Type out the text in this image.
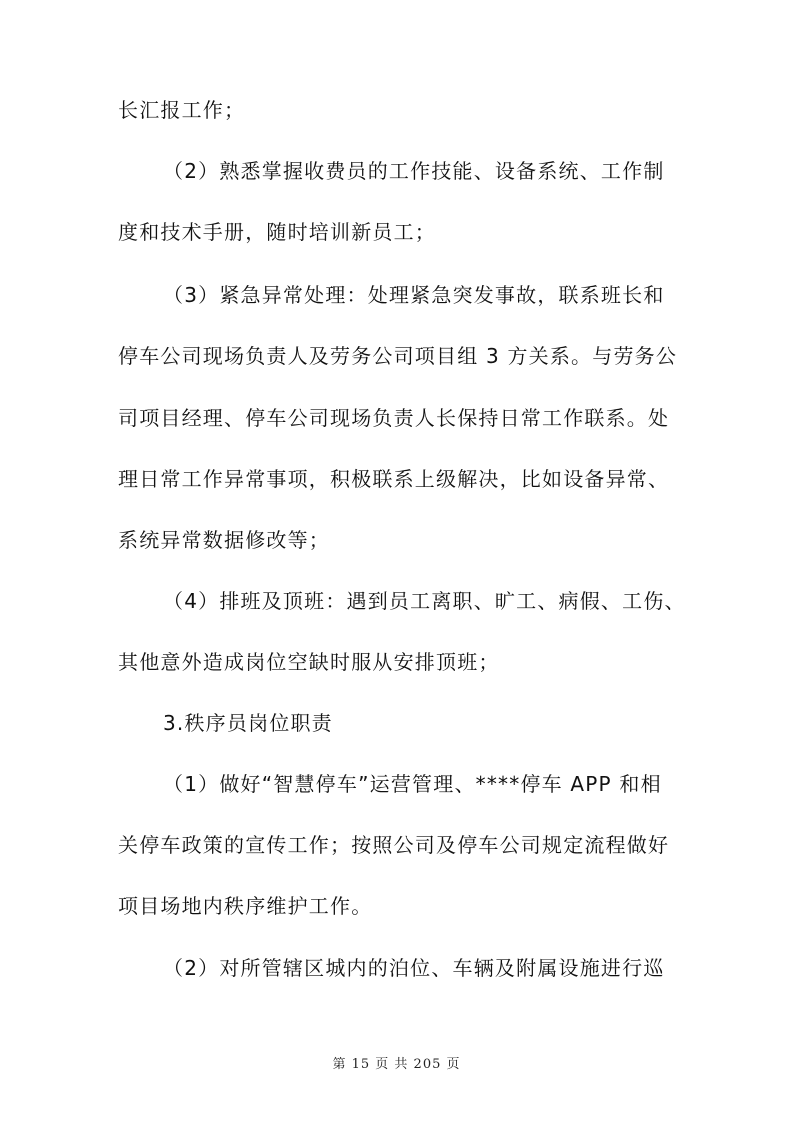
长汇报工作；
（2）熟悉掌握收费员的工作技能、设备系统、工作制
度和技术手册，随时培训新员工；
（3）紧急异常处理：处理紧急突发事故，联系班长和
停车公司现场负责人及劳务公司项目组 3 方关系。与劳务公
司项目经理、停车公司现场负责人长保持日常工作联系。处
理日常工作异常事项，积极联系上级解决，比如设备异常、
系统异常数据修改等；
（4）排班及顶班：遇到员工离职、旷工、病假、工伤、
其他意外造成岗位空缺时服从安排顶班；
3.秩序员岗位职责
（1）做好“智慧停车”运营管理、****停车 APP 和相
关停车政策的宣传工作；按照公司及停车公司规定流程做好
项目场地内秩序维护工作。
（2）对所管辖区城内的泊位、车辆及附属设施进行巡
第 15 页 共 205 页
